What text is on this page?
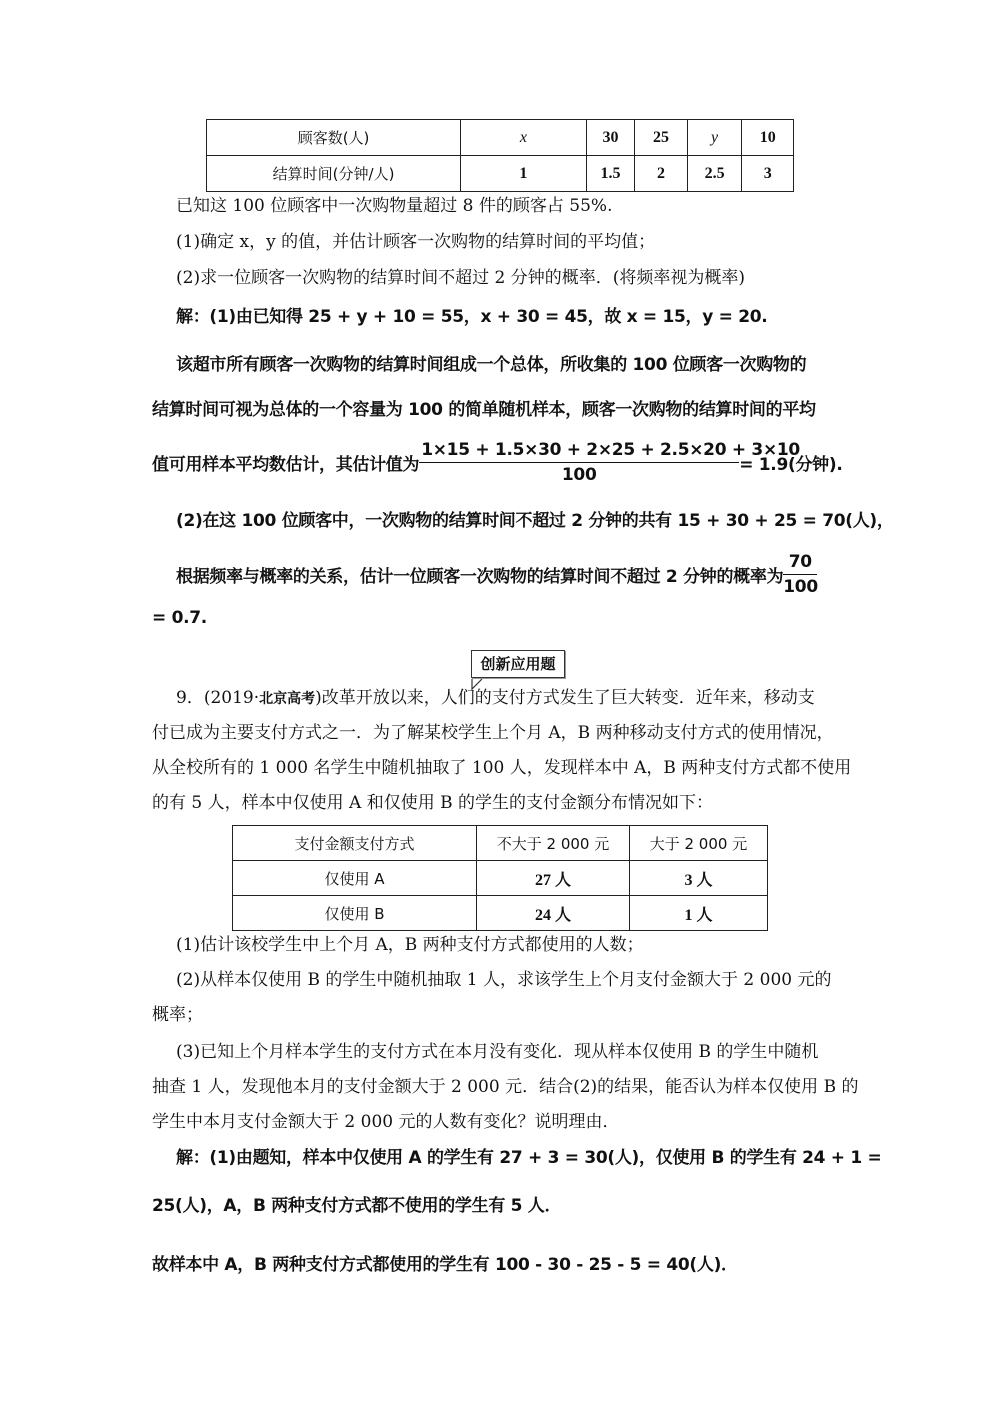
顾客数(人)	x	30	25	y	10
结算时间(分钟/人)	1	1.5	2	2.5	3
已知这 100 位顾客中一次购物量超过 8 件的顾客占 55%.
(1)确定 x，y 的值，并估计顾客一次购物的结算时间的平均值；
(2)求一位顾客一次购物的结算时间不超过 2 分钟的概率．(将频率视为概率)
解：(1)由已知得 25 + y + 10 = 55，x + 30 = 45，故 x = 15，y = 20.
该超市所有顾客一次购物的结算时间组成一个总体，所收集的 100 位顾客一次购物的
结算时间可视为总体的一个容量为 100 的简单随机样本，顾客一次购物的结算时间的平均
值可用样本平均数估计，其估计值为 $\frac{1\times 15 + 1.5\times 30 + 2\times 25 + 2.5\times 20 + 3\times 10}{100} = 1.9$(分钟).
(2)在这 100 位顾客中，一次购物的结算时间不超过 2 分钟的共有 15 + 30 + 25 = 70(人)，
根据频率与概率的关系，估计一位顾客一次购物的结算时间不超过 2 分钟的概率为 $\frac{70}{100}$
= 0.7.
创新应用题
9．(2019·北京高考)改革开放以来，人们的支付方式发生了巨大转变．近年来，移动支
付已成为主要支付方式之一．为了解某校学生上个月 A，B 两种移动支付方式的使用情况，
从全校所有的 1 000 名学生中随机抽取了 100 人，发现样本中 A，B 两种支付方式都不使用
的有 5 人，样本中仅使用 A 和仅使用 B 的学生的支付金额分布情况如下：
支付金额支付方式	不大于 2 000 元	大于 2 000 元
仅使用 A	27 人	3 人
仅使用 B	24 人	1 人
(1)估计该校学生中上个月 A，B 两种支付方式都使用的人数；
(2)从样本仅使用 B 的学生中随机抽取 1 人，求该学生上个月支付金额大于 2 000 元的
概率；
(3)已知上个月样本学生的支付方式在本月没有变化．现从样本仅使用 B 的学生中随机
抽查 1 人，发现他本月的支付金额大于 2 000 元．结合(2)的结果，能否认为样本仅使用 B 的
学生中本月支付金额大于 2 000 元的人数有变化？说明理由．
解：(1)由题知，样本中仅使用 A 的学生有 27 + 3 = 30(人)，仅使用 B 的学生有 24 + 1 =
25(人)，A，B 两种支付方式都不使用的学生有 5 人．
故样本中 A，B 两种支付方式都使用的学生有 100 - 30 - 25 - 5 = 40(人)．
